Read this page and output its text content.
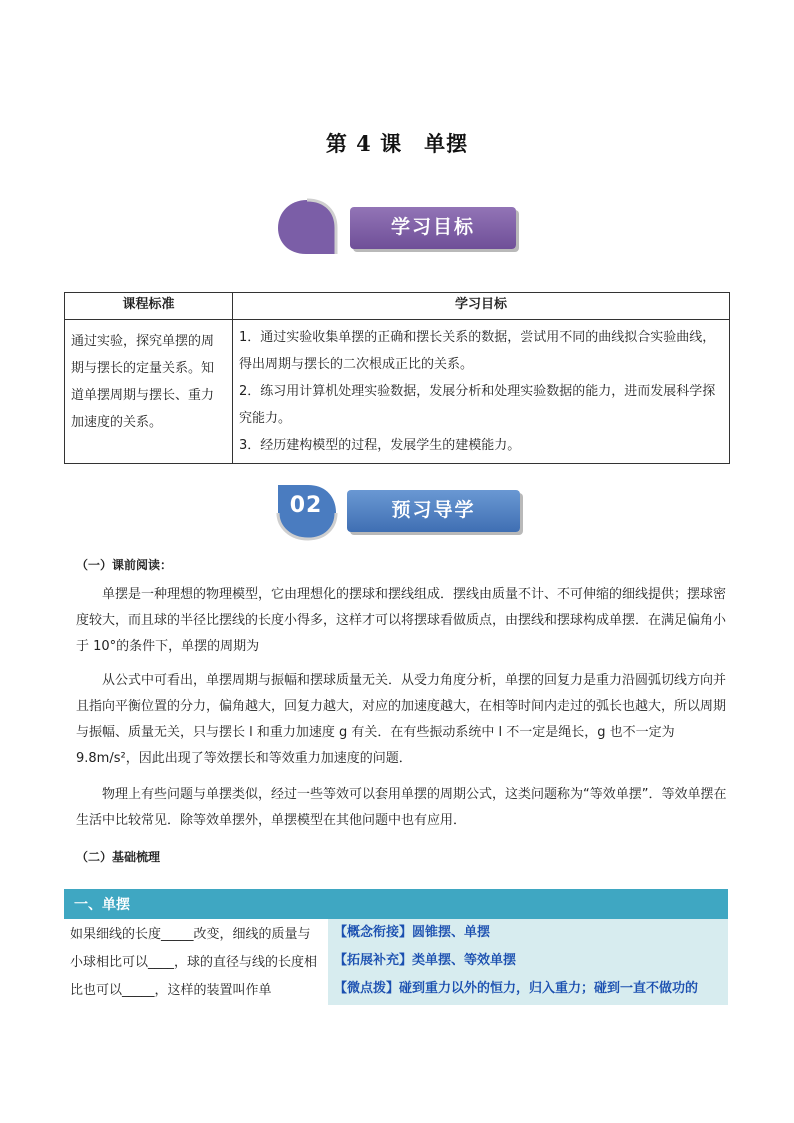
第 4 课　单摆
学习目标
课程标准	学习目标
通过实验，探究单摆的周期与摆长的定量关系。知道单摆周期与摆长、重力加速度的关系。	1．通过实验收集单摆的正确和摆长关系的数据，尝试用不同的曲线拟合实验曲线，得出周期与摆长的二次根成正比的关系。
2．练习用计算机处理实验数据，发展分析和处理实验数据的能力，进而发展科学探究能力。
3．经历建构模型的过程，发展学生的建模能力。
02	预习导学
（一）课前阅读：
单摆是一种理想的物理模型，它由理想化的摆球和摆线组成．摆线由质量不计、不可伸缩的细线提供；摆球密度较大，而且球的半径比摆线的长度小得多，这样才可以将摆球看做质点，由摆线和摆球构成单摆．在满足偏角小于 10°的条件下，单摆的周期为
从公式中可看出，单摆周期与振幅和摆球质量无关．从受力角度分析，单摆的回复力是重力沿圆弧切线方向并且指向平衡位置的分力，偏角越大，回复力越大，对应的加速度越大，在相等时间内走过的弧长也越大，所以周期与振幅、质量无关，只与摆长 l 和重力加速度 g 有关．在有些振动系统中 l 不一定是绳长，g 也不一定为 9.8m/s²，因此出现了等效摆长和等效重力加速度的问题．
物理上有些问题与单摆类似，经过一些等效可以套用单摆的周期公式，这类问题称为“等效单摆”．等效单摆在生活中比较常见．除等效单摆外，单摆模型在其他问题中也有应用．
（二）基础梳理
一、单摆
如果细线的长度_____改变，细线的质量与小球相比可以____，球的直径与线的长度相比也可以_____，这样的装置叫作单	
【概念衔接】圆锥摆、单摆
【拓展补充】类单摆、等效单摆
【微点拨】碰到重力以外的恒力，归入重力；碰到一直不做功的
